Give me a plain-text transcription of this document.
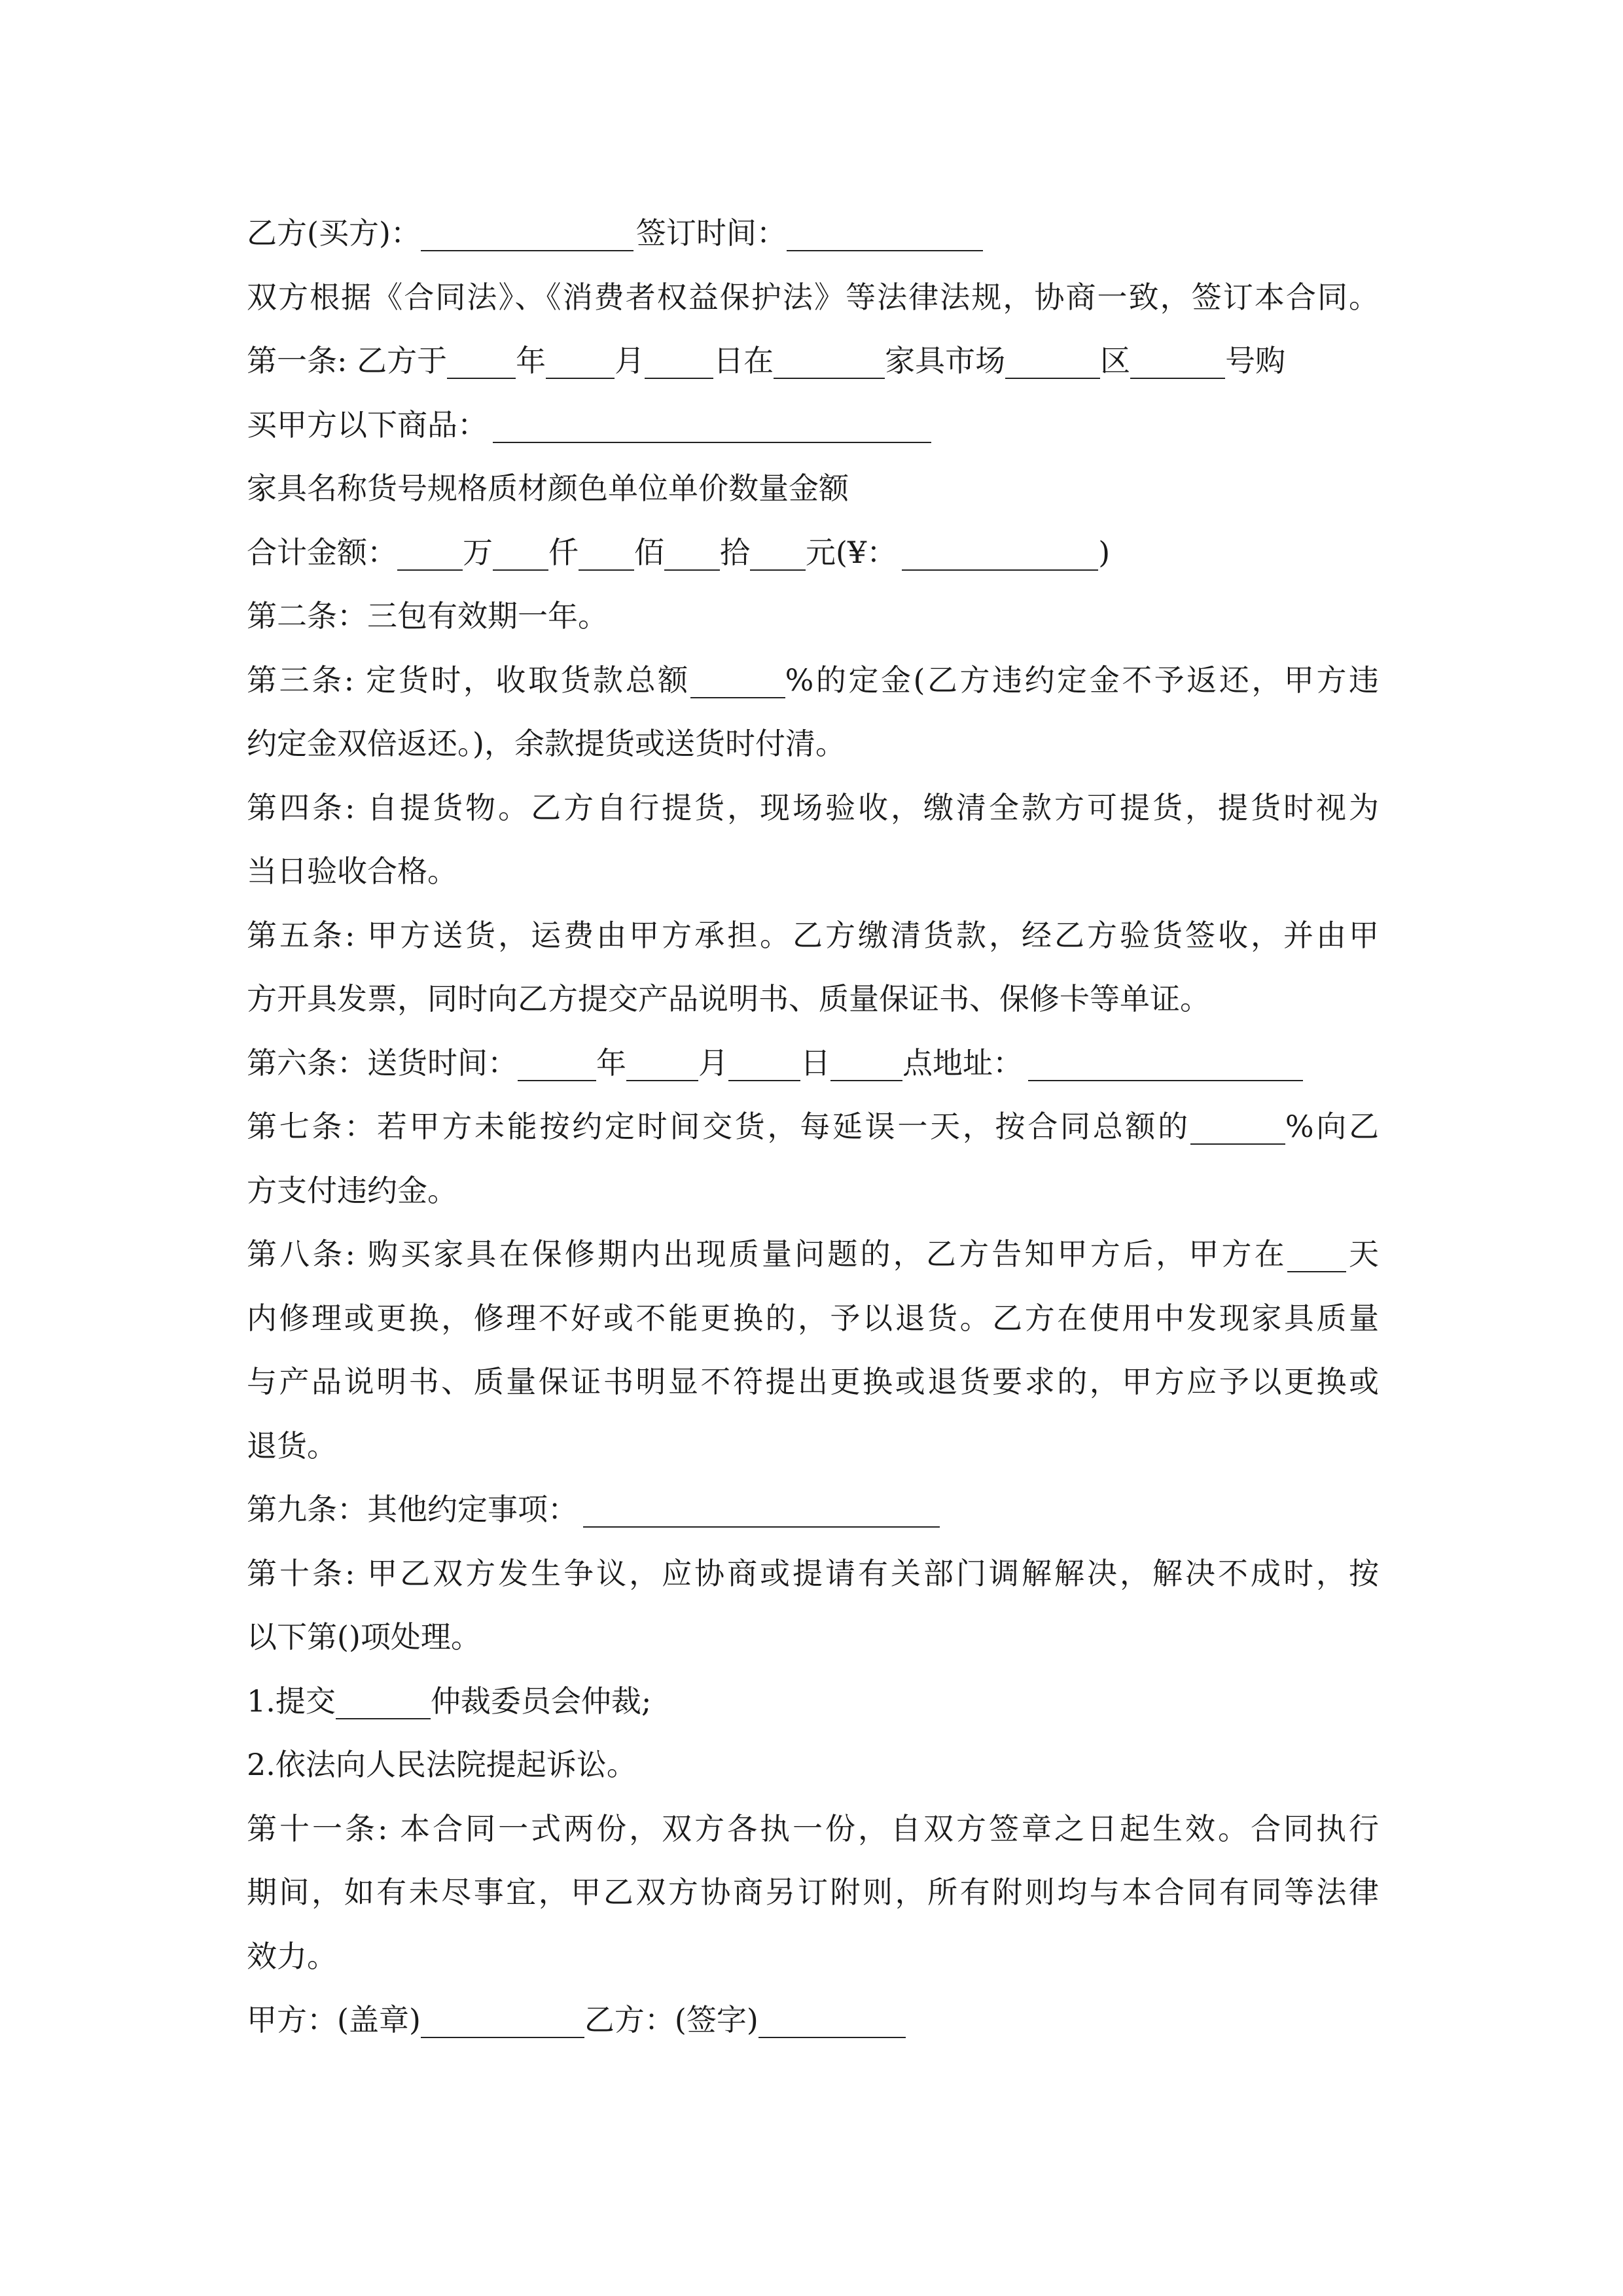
乙方(买方)：	签订时间：
双方根据《合同法》、《消费者权益保护法》等法律法规，协商一致，签订本合同。
第一条: 乙方于 年 月 日在	家具市场	区	号购
买甲方以下商品：
家具名称货号规格质材颜色单位单价数量金额
合计金额： 万 仟 佰 拾 元(¥：	)
第二条：三包有效期一年。
第三条: 定货时，收取货款总额	%的定金(乙方违约定金不予返还，甲方违
约定金双倍返还。)，余款提货或送货时付清。
第四条: 自提货物。乙方自行提货，现场验收，缴清全款方可提货，提货时视为
当日验收合格。
第五条: 甲方送货，运费由甲方承担。乙方缴清货款，经乙方验货签收，并由甲
方开具发票，同时向乙方提交产品说明书、质量保证书、保修卡等单证。
第六条：送货时间：	年 月 日 点地址：
第七条：若甲方未能按约定时间交货，每延误一天，按合同总额的	%向乙
方支付违约金。
第八条: 购买家具在保修期内出现质量问题的，乙方告知甲方后，甲方在 天
内修理或更换，修理不好或不能更换的，予以退货。乙方在使用中发现家具质量
与产品说明书、质量保证书明显不符提出更换或退货要求的，甲方应予以更换或
退货。
第九条：其他约定事项：
第十条: 甲乙双方发生争议，应协商或提请有关部门调解解决，解决不成时，按
以下第()项处理。
1.提交	仲裁委员会仲裁;
2.依法向人民法院提起诉讼。
第十一条: 本合同一式两份，双方各执一份，自双方签章之日起生效。合同执行
期间，如有未尽事宜，甲乙双方协商另订附则，所有附则均与本合同有同等法律
效力。
甲方：(盖章)	乙方：(签字)
